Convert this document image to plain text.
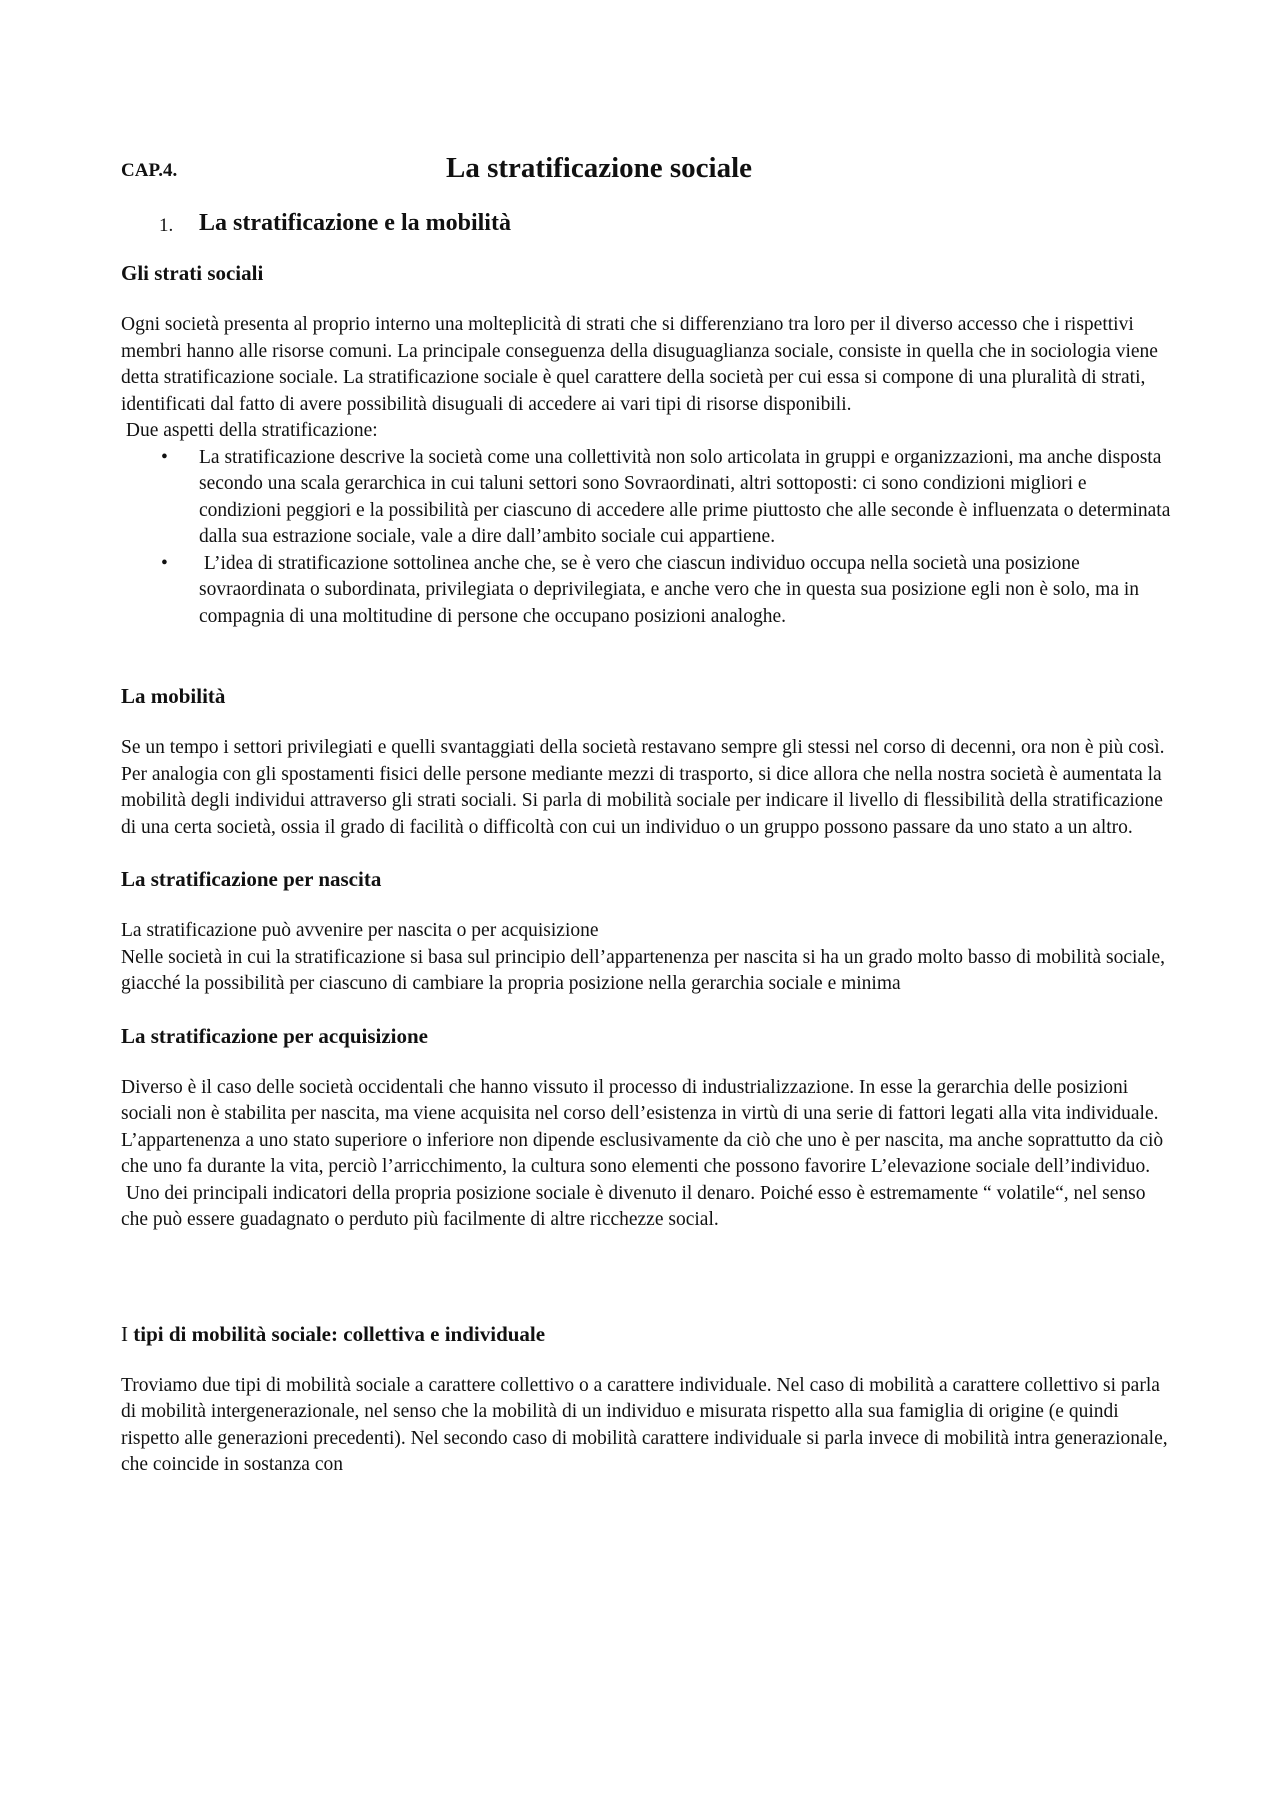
CAP.4.	La stratificazione sociale
1. La stratificazione e la mobilità
Gli strati sociali

Ogni società presenta al proprio interno una molteplicità di strati che si differenziano tra loro per il diverso accesso che i rispettivi membri hanno alle risorse comuni. La principale conseguenza della disuguaglianza sociale, consiste in quella che in sociologia viene detta stratificazione sociale. La stratificazione sociale è quel carattere della società per cui essa si compone di una pluralità di strati, identificati dal fatto di avere possibilità disuguali di accedere ai vari tipi di risorse disponibili.

Due aspetti della stratificazione:

• La stratificazione descrive la società come una collettività non solo articolata in gruppi e organizzazioni, ma anche disposta secondo una scala gerarchica in cui taluni settori sono Sovraordinati, altri sottoposti: ci sono condizioni migliori e condizioni peggiori e la possibilità per ciascuno di accedere alle prime piuttosto che alle seconde è influenzata o determinata dalla sua estrazione sociale, vale a dire dall’ambito sociale cui appartiene.
• L’idea di stratificazione sottolinea anche che, se è vero che ciascun individuo occupa nella società una posizione sovraordinata o subordinata, privilegiata o deprivilegiata, e anche vero che in questa sua posizione egli non è solo, ma in compagnia di una moltitudine di persone che occupano posizioni analoghe.
La mobilità

Se un tempo i settori privilegiati e quelli svantaggiati della società restavano sempre gli stessi nel corso di decenni, ora non è più così. Per analogia con gli spostamenti fisici delle persone mediante mezzi di trasporto, si dice allora che nella nostra società è aumentata la mobilità degli individui attraverso gli strati sociali. Si parla di mobilità sociale per indicare il livello di flessibilità della stratificazione di una certa società, ossia il grado di facilità o difficoltà con cui un individuo o un gruppo possono passare da uno stato a un altro.

La stratificazione per nascita

La stratificazione può avvenire per nascita o per acquisizione

Nelle società in cui la stratificazione si basa sul principio dell’appartenenza per nascita si ha un grado molto basso di mobilità sociale, giacché la possibilità per ciascuno di cambiare la propria posizione nella gerarchia sociale e minima

La stratificazione per acquisizione

Diverso è il caso delle società occidentali che hanno vissuto il processo di industrializzazione. In esse la gerarchia delle posizioni sociali non è stabilita per nascita, ma viene acquisita nel corso dell’esistenza in virtù di una serie di fattori legati alla vita individuale. L’appartenenza a uno stato superiore o inferiore non dipende esclusivamente da ciò che uno è per nascita, ma anche soprattutto da ciò che uno fa durante la vita, perciò l’arricchimento, la cultura sono elementi che possono favorire L’elevazione sociale dell’individuo.

Uno dei principali indicatori della propria posizione sociale è divenuto il denaro. Poiché esso è estremamente “ volatile“, nel senso che può essere guadagnato o perduto più facilmente di altre ricchezze social.

I tipi di mobilità sociale: collettiva e individuale

Troviamo due tipi di mobilità sociale a carattere collettivo o a carattere individuale. Nel caso di mobilità a carattere collettivo si parla di mobilità intergenerazionale, nel senso che la mobilità di un individuo e misurata rispetto alla sua famiglia di origine (e quindi rispetto alle generazioni precedenti). Nel secondo caso di mobilità carattere individuale si parla invece di mobilità intra generazionale, che coincide in sostanza con
